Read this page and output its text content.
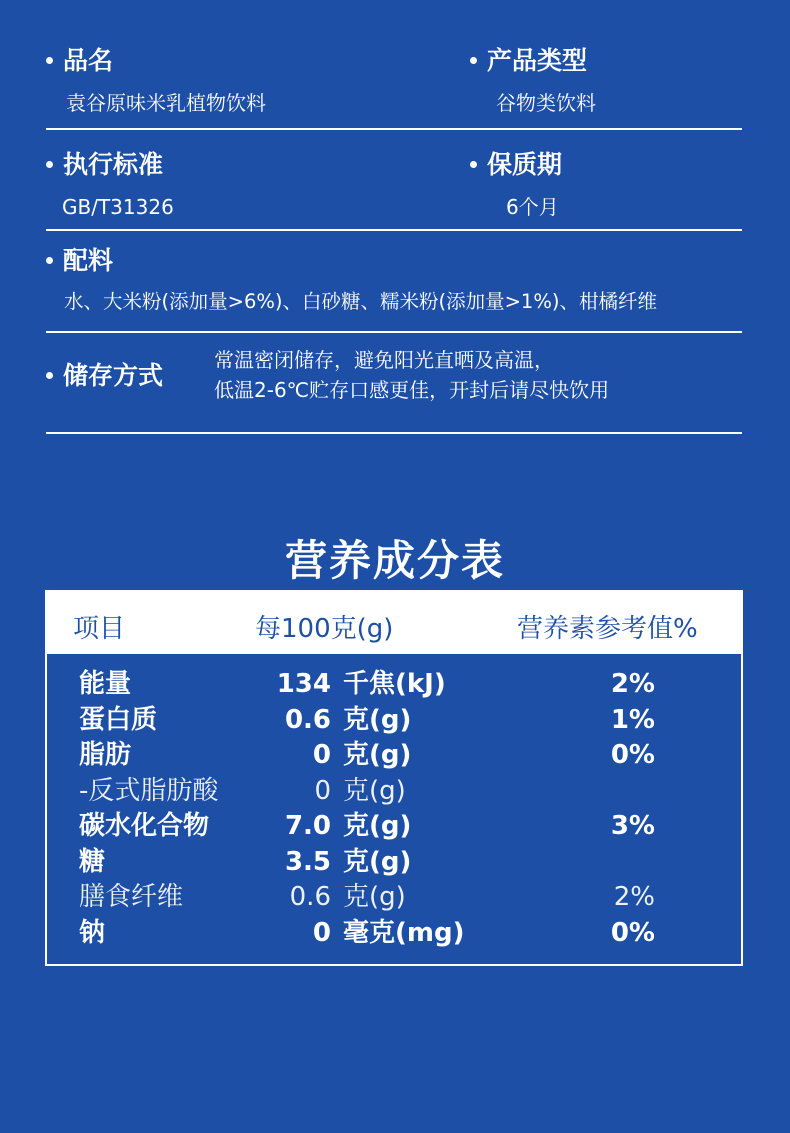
品名
袁谷原味米乳植物饮料
产品类型
谷物类饮料
执行标准
GB/T31326
保质期
6个月
配料
水、大米粉(添加量>6%)、白砂糖、糯米粉(添加量>1%)、柑橘纤维
储存方式
常温密闭储存，避免阳光直晒及高温，
低温2-6℃贮存口感更佳，开封后请尽快饮用
营养成分表
项目	每100克(g)	营养素参考值%
能量	134 千焦(kJ)	2%
蛋白质	0.6 克(g)	1%
脂肪	0 克(g)	0%
-反式脂肪酸	0 克(g)
碳水化合物	7.0 克(g)	3%
糖	3.5 克(g)
膳食纤维	0.6 克(g)	2%
钠	0 毫克(mg)	0%
